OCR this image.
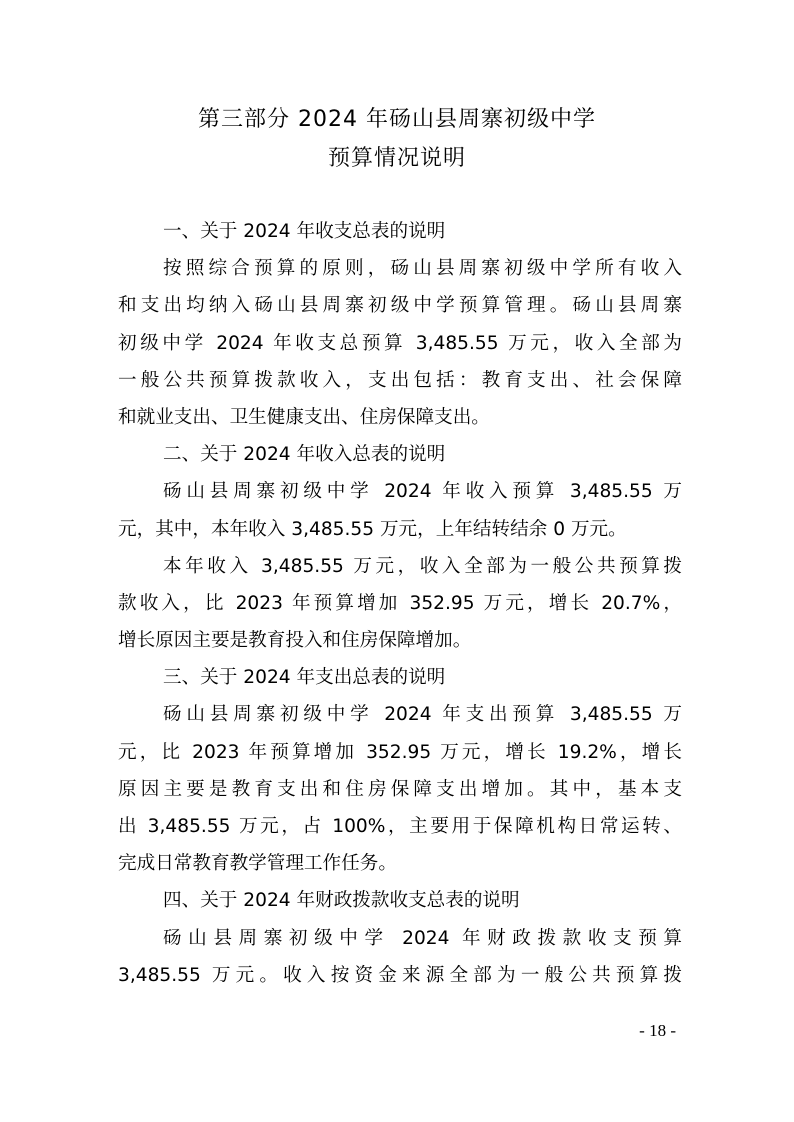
第三部分 2024 年砀山县周寨初级中学
预算情况说明
一、关于 2024 年收支总表的说明
按照综合预算的原则，砀山县周寨初级中学所有收入
和支出均纳入砀山县周寨初级中学预算管理。砀山县周寨
初级中学 2024 年收支总预算 3,485.55 万元，收入全部为
一般公共预算拨款收入，支出包括：教育支出、社会保障
和就业支出、卫生健康支出、住房保障支出。
二、关于 2024 年收入总表的说明
砀山县周寨初级中学 2024 年收入预算 3,485.55 万
元，其中，本年收入 3,485.55 万元，上年结转结余 0 万元。
本年收入 3,485.55 万元，收入全部为一般公共预算拨
款收入，比 2023 年预算增加 352.95 万元，增长 20.7%，
增长原因主要是教育投入和住房保障增加。
三、关于 2024 年支出总表的说明
砀山县周寨初级中学 2024 年支出预算 3,485.55 万
元，比 2023 年预算增加 352.95 万元，增长 19.2%，增长
原因主要是教育支出和住房保障支出增加。其中，基本支
出 3,485.55 万元，占 100%，主要用于保障机构日常运转、
完成日常教育教学管理工作任务。
四、关于 2024 年财政拨款收支总表的说明
砀山县周寨初级中学 2024 年财政拨款收支预算
3,485.55 万元。收入按资金来源全部为一般公共预算拨
- 18 -
